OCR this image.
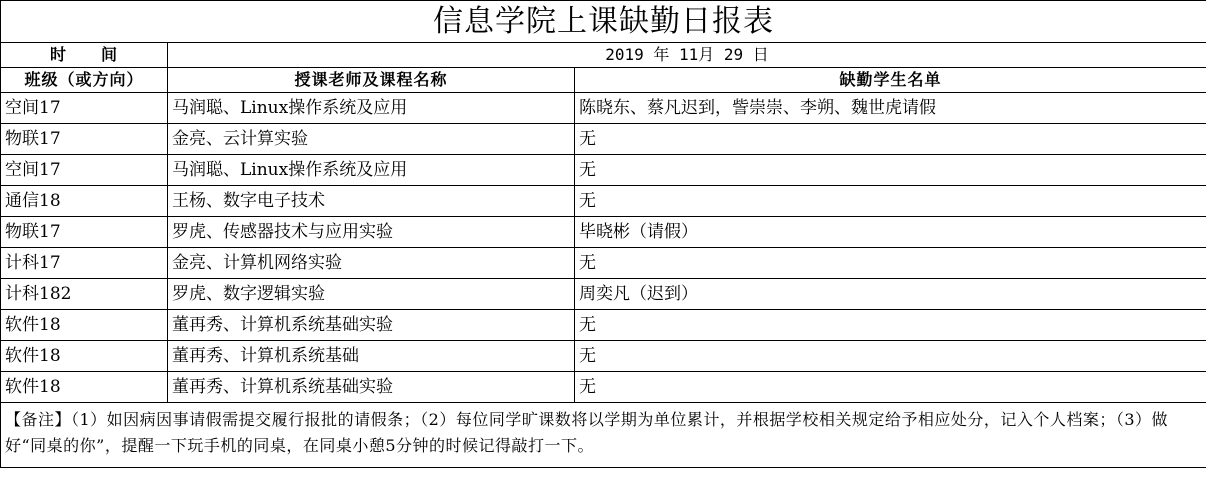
信息学院上课缺勤日报表		
时　　间	2019 年 11月 29 日	
班级（或方向）	授课老师及课程名称	缺勤学生名单
空间17	马润聪、Linux操作系统及应用	陈晓东、蔡凡迟到，訾崇崇、李朔、魏世虎请假
物联17	金亮、云计算实验	无
空间17	马润聪、Linux操作系统及应用	无
通信18	王杨、数字电子技术	无
物联17	罗虎、传感器技术与应用实验	毕晓彬（请假）
计科17	金亮、计算机网络实验	无
计科182	罗虎、数字逻辑实验	周奕凡（迟到）
软件18	董再秀、计算机系统基础实验	无
软件18	董再秀、计算机系统基础	无
软件18	董再秀、计算机系统基础实验	无
【备注】（1）如因病因事请假需提交履行报批的请假条；（2）每位同学旷课数将以学期为单位累计，并根据学校相关规定给予相应处分，记入个人档案；（3）做好“同桌的你”，提醒一下玩手机的同桌，在同桌小憩5分钟的时候记得敲打一下。		
